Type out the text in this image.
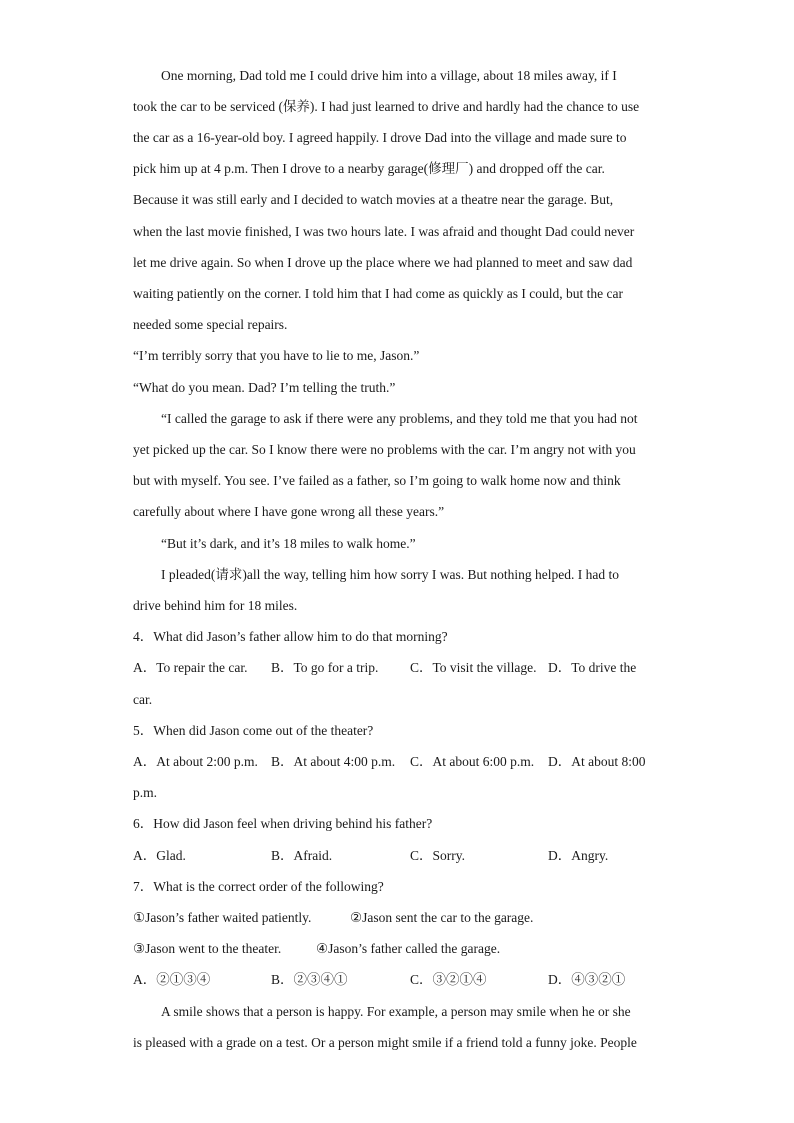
One morning, Dad told me I could drive him into a village, about 18 miles away, if I
took the car to be serviced (保养). I had just learned to drive and hardly had the chance to use
the car as a 16-year-old boy. I agreed happily. I drove Dad into the village and made sure to
pick him up at 4 p.m. Then I drove to a nearby garage(修理厂) and dropped off the car.
Because it was still early and I decided to watch movies at a theatre near the garage. But,
when the last movie finished, I was two hours late. I was afraid and thought Dad could never
let me drive again. So when I drove up the place where we had planned to meet and saw dad
waiting patiently on the corner. I told him that I had come as quickly as I could, but the car
needed some special repairs.
“I’m terribly sorry that you have to lie to me, Jason.”
“What do you mean. Dad? I’m telling the truth.”
“I called the garage to ask if there were any problems, and they told me that you had not
yet picked up the car. So I know there were no problems with the car. I’m angry not with you
but with myself. You see. I’ve failed as a father, so I’m going to walk home now and think
carefully about where I have gone wrong all these years.”
“But it’s dark, and it’s 18 miles to walk home.”
I pleaded(请求)all the way, telling him how sorry I was. But nothing helped. I had to
drive behind him for 18 miles.
4．What did Jason’s father allow him to do that morning?
A．To repair the car. B．To go for a trip. C．To visit the village. D．To drive the
car.
5．When did Jason come out of the theater?
A．At about 2:00 p.m. B．At about 4:00 p.m. C．At about 6:00 p.m. D．At about 8:00
p.m.
6．How did Jason feel when driving behind his father?
A．Glad.	B．Afraid.	C．Sorry.	D．Angry.
7．What is the correct order of the following?
①Jason’s father waited patiently.	②Jason sent the car to the garage.
③Jason went to the theater.	④Jason’s father called the garage.
A．②①③④	B．②③④①	C．③②①④	D．④③②①
A smile shows that a person is happy. For example, a person may smile when he or she
is pleased with a grade on a test. Or a person might smile if a friend told a funny joke. People
